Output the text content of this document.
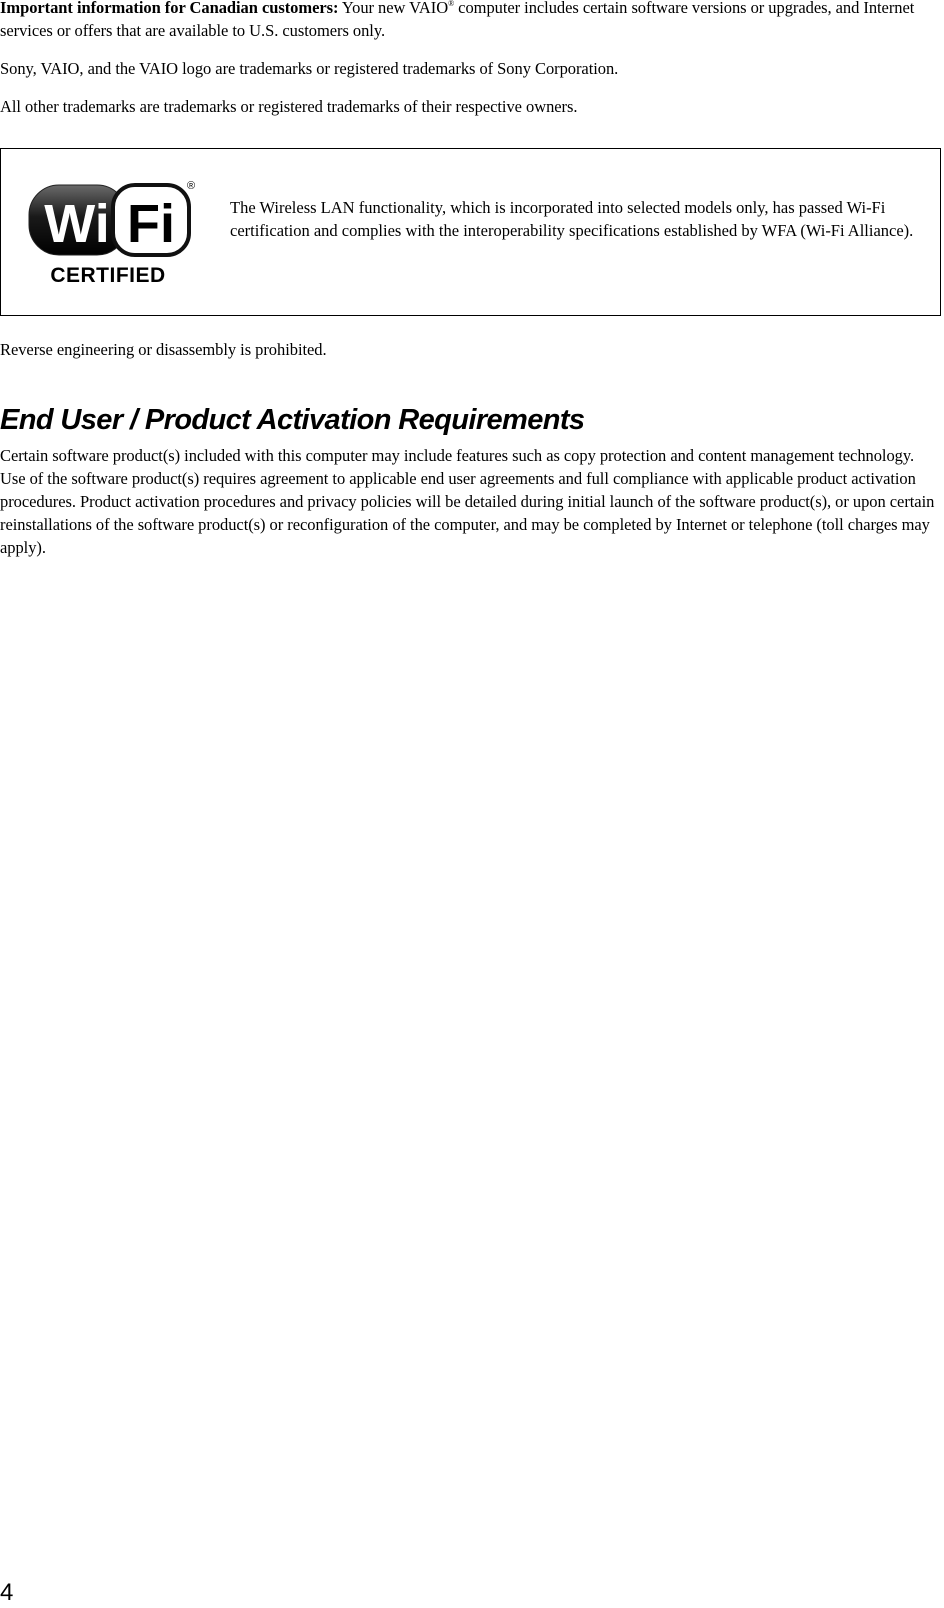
Important information for Canadian customers: Your new VAIO® computer includes certain software versions or upgrades, and Internet services or offers that are available to U.S. customers only.

Sony, VAIO, and the VAIO logo are trademarks or registered trademarks of Sony Corporation.

All other trademarks are trademarks or registered trademarks of their respective owners.

Wi Fi
®
CERTIFIED

The Wireless LAN functionality, which is incorporated into selected models only, has passed Wi-Fi certification and complies with the interoperability specifications established by WFA (Wi-Fi Alliance).

Reverse engineering or disassembly is prohibited.

End User / Product Activation Requirements

Certain software product(s) included with this computer may include features such as copy protection and content management technology. Use of the software product(s) requires agreement to applicable end user agreements and full compliance with applicable product activation procedures. Product activation procedures and privacy policies will be detailed during initial launch of the software product(s), or upon certain reinstallations of the software product(s) or reconfiguration of the computer, and may be completed by Internet or telephone (toll charges may apply).

4
